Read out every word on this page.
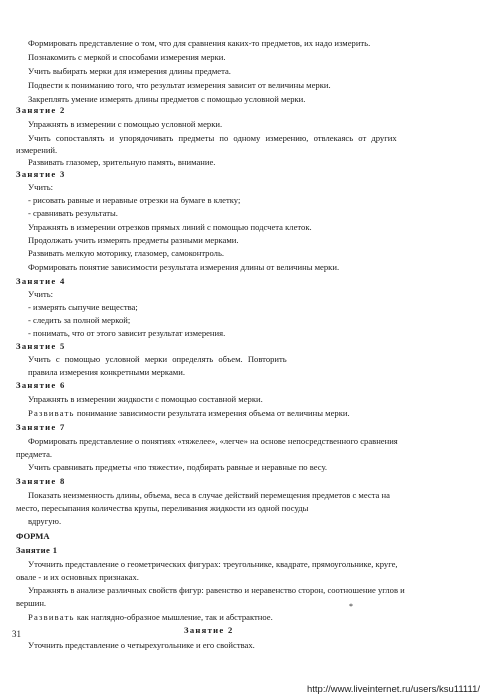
Формировать представление о том, что для сравнения каких-то предметов, их надо измерить.
Познакомить с меркой и способами измерения мерки.
Учить выбирать мерки для измерения длины предмета.
Подвести к пониманию того, что результат измерения зависит от величины мерки.
Закреплять умение измерять длины предметов с помощью условной мерки.
Занятие 2
Упражнять в измерении с помощью условной мерки.
Учить сопоставлять и упорядочивать предметы по одному измерению, отвлекаясь от других
измерений.
Развивать глазомер, зрительную память, внимание.
Занятие 3
Учить:
- рисовать равные и неравные отрезки на бумаге в клетку;
- сравнивать результаты.
Упражнять в измерении отрезков прямых линий с помощью подсчета клеток.
Продолжать учить измерять предметы разными мерками.
Развивать мелкую моторику, глазомер, самоконтроль.
Формировать понятие зависимости результата измерения длины от величины мерки.
Занятие 4
Учить:
- измерять сыпучие вещества;
- следить за полной меркой;
- понимать, что от этого зависит результат измерения.
Занятие 5
Учить с помощью условной мерки определять объем. Повторить
правила измерения конкретными мерками.
Занятие 6
Упражнять в измерении жидкости с помощью составной мерки.
Развивать понимание зависимости результата измерения объема от величины мерки.
Занятие 7
Формировать представление о понятиях «тяжелее», «легче» на основе непосредственного сравнения
предмета.
Учить сравнивать предметы «по тяжести», подбирать равные и неравные по весу.
Занятие 8
Показать неизменность длины, объема, веса в случае действий перемещения предметов с места на
место, пересыпания количества крупы, переливания жидкости из одной посуды
вдругую.
ФОРМА
Занятие 1
Уточнить представление о геометрических фигурах: треугольнике, квадрате, прямоугольнике, круге,
овале - и их основных признаках.
Упражнять в анализе различных свойств фигур: равенство и неравенство сторон, соотношение углов и
вершин.
Развивать как наглядно-образное мышление, так и абстрактное.
Занятие 2
Уточнить представление о четырехугольнике и его свойствах.
*
31
http://www.liveinternet.ru/users/ksu11111/
